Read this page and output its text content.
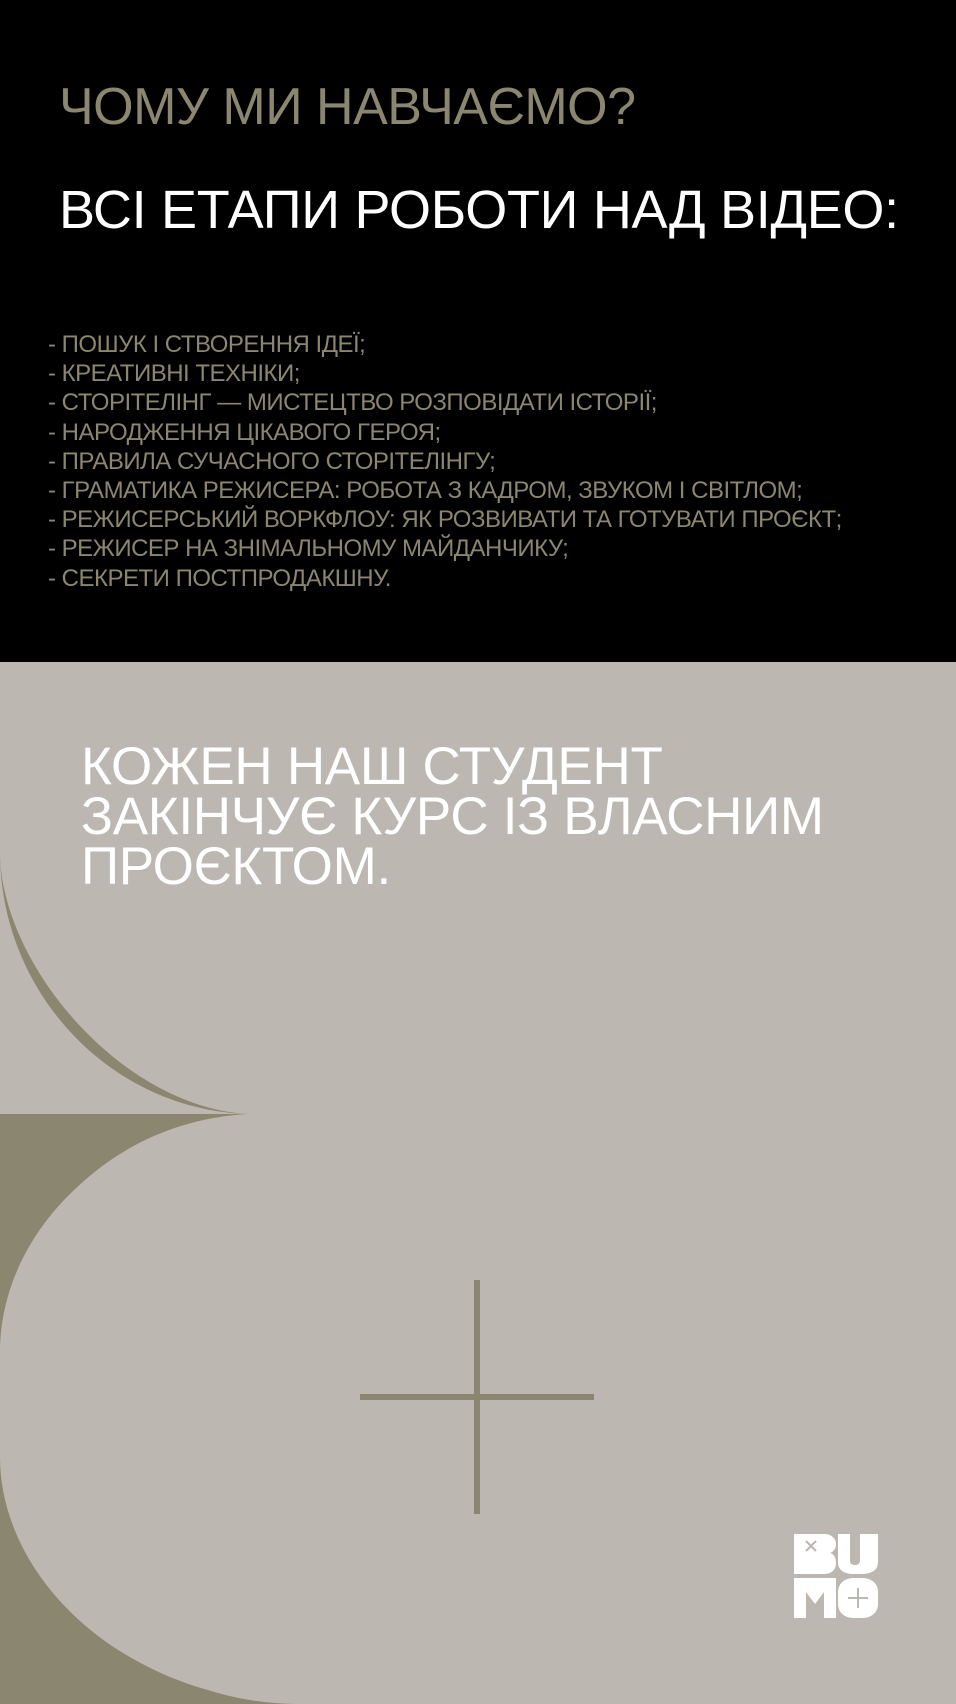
ЧОМУ МИ НАВЧАЄМО?
ВСІ ЕТАПИ РОБОТИ НАД ВІДЕО:
- ПОШУК І СТВОРЕННЯ ІДЕЇ;
- КРЕАТИВНІ ТЕХНІКИ;
- СТОРІТЕЛІНГ — МИСТЕЦТВО РОЗПОВІДАТИ ІСТОРІЇ;
- НАРОДЖЕННЯ ЦІКАВОГО ГЕРОЯ;
- ПРАВИЛА СУЧАСНОГО СТОРІТЕЛІНГУ;
- ГРАМАТИКА РЕЖИСЕРА: РОБОТА З КАДРОМ, ЗВУКОМ І СВІТЛОМ;
- РЕЖИСЕРСЬКИЙ ВОРКФЛОУ: ЯК РОЗВИВАТИ ТА ГОТУВАТИ ПРОЄКТ;
- РЕЖИСЕР НА ЗНІМАЛЬНОМУ МАЙДАНЧИКУ;
- СЕКРЕТИ ПОСТПРОДАКШНУ.
КОЖЕН НАШ СТУДЕНТ
ЗАКІНЧУЄ КУРС ІЗ ВЛАСНИМ
ПРОЄКТОМ.
